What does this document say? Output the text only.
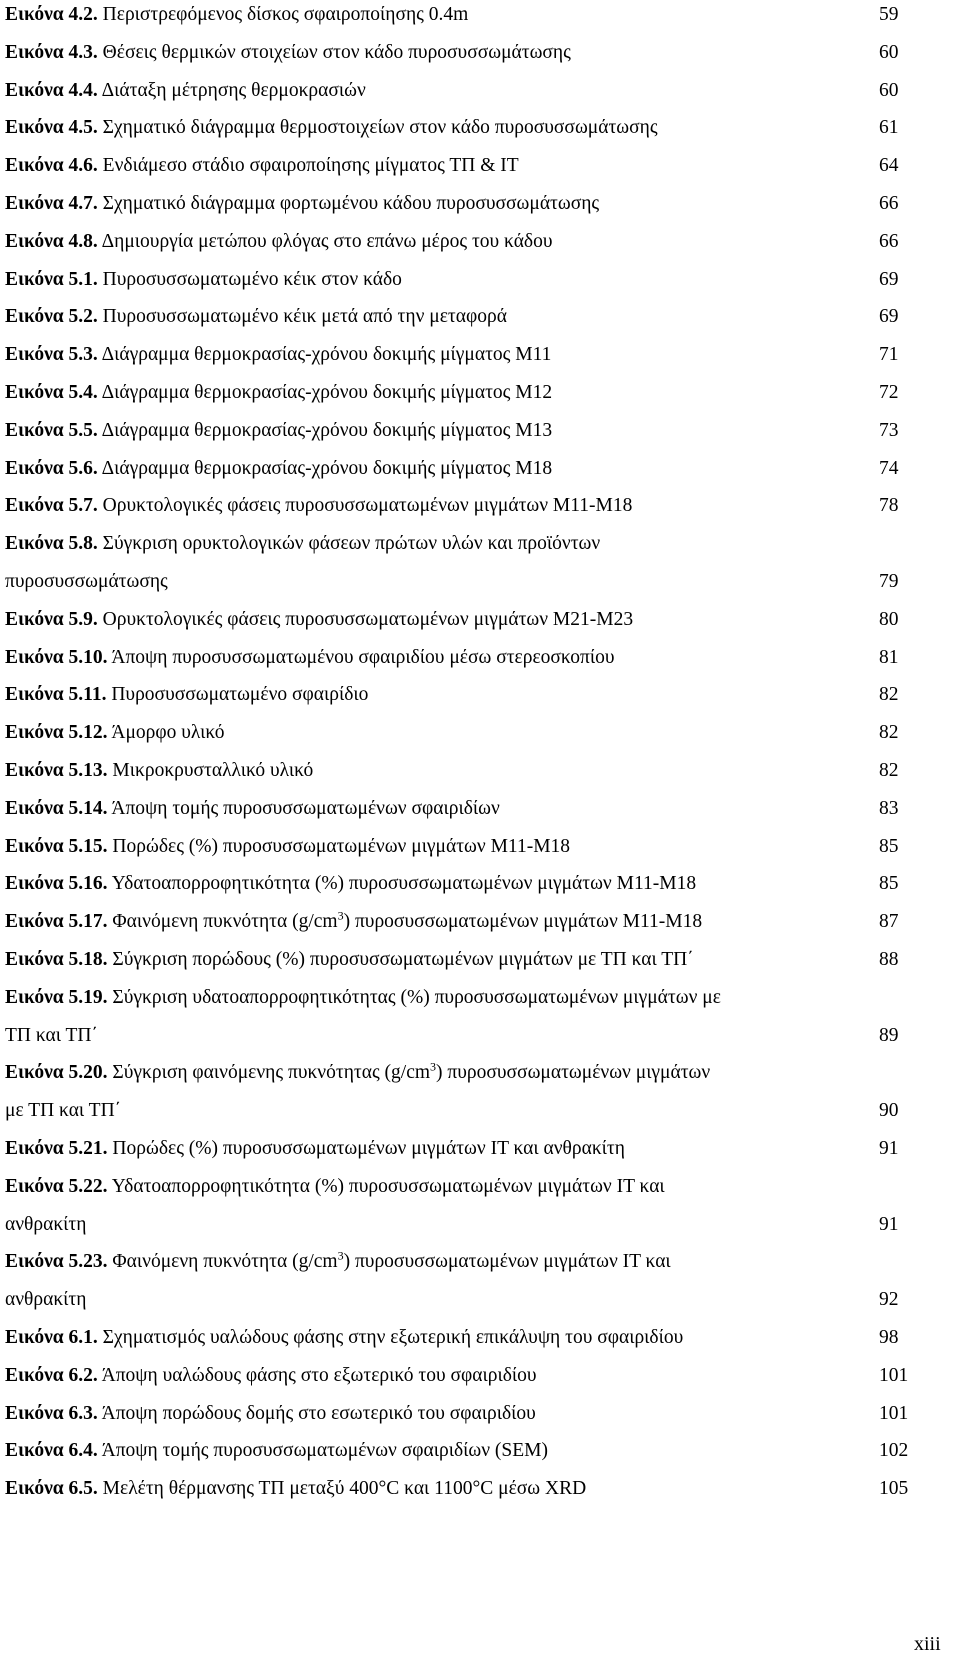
Εικόνα 4.2. Περιστρεφόμενος δίσκος σφαιροποίησης 0.4m	59
Εικόνα 4.3. Θέσεις θερμικών στοιχείων στον κάδο πυροσυσσωμάτωσης	60
Εικόνα 4.4. Διάταξη μέτρησης θερμοκρασιών	60
Εικόνα 4.5. Σχηματικό διάγραμμα θερμοστοιχείων στον κάδο πυροσυσσωμάτωσης	61
Εικόνα 4.6. Ενδιάμεσο στάδιο σφαιροποίησης μίγματος ΤΠ & ΙΤ	64
Εικόνα 4.7. Σχηματικό διάγραμμα φορτωμένου κάδου πυροσυσσωμάτωσης	66
Εικόνα 4.8. Δημιουργία μετώπου φλόγας στο επάνω μέρος του κάδου	66
Εικόνα 5.1. Πυροσυσσωματωμένο κέικ στον κάδο	69
Εικόνα 5.2. Πυροσυσσωματωμένο κέικ μετά από την μεταφορά	69
Εικόνα 5.3. Διάγραμμα θερμοκρασίας-χρόνου δοκιμής μίγματος Μ11	71
Εικόνα 5.4. Διάγραμμα θερμοκρασίας-χρόνου δοκιμής μίγματος Μ12	72
Εικόνα 5.5. Διάγραμμα θερμοκρασίας-χρόνου δοκιμής μίγματος Μ13	73
Εικόνα 5.6. Διάγραμμα θερμοκρασίας-χρόνου δοκιμής μίγματος Μ18	74
Εικόνα 5.7. Ορυκτολογικές φάσεις πυροσυσσωματωμένων μιγμάτων Μ11-Μ18	78
Εικόνα 5.8. Σύγκριση ορυκτολογικών φάσεων πρώτων υλών και προϊόντων
πυροσυσσωμάτωσης	79
Εικόνα 5.9. Ορυκτολογικές φάσεις πυροσυσσωματωμένων μιγμάτων Μ21-Μ23	80
Εικόνα 5.10. Άποψη πυροσυσσωματωμένου σφαιριδίου μέσω στερεοσκοπίου	81
Εικόνα 5.11. Πυροσυσσωματωμένο σφαιρίδιο	82
Εικόνα 5.12. Άμορφο υλικό	82
Εικόνα 5.13. Μικροκρυσταλλικό υλικό	82
Εικόνα 5.14. Άποψη τομής πυροσυσσωματωμένων σφαιριδίων	83
Εικόνα 5.15. Πορώδες (%) πυροσυσσωματωμένων μιγμάτων Μ11-Μ18	85
Εικόνα 5.16. Υδατοαπορροφητικότητα (%) πυροσυσσωματωμένων μιγμάτων Μ11-Μ18	85
Εικόνα 5.17. Φαινόμενη πυκνότητα $(g/cm^3)$ πυροσυσσωματωμένων μιγμάτων Μ11-Μ18	87
Εικόνα 5.18. Σύγκριση πορώδους (%) πυροσυσσωματωμένων μιγμάτων με ΤΠ και ΤΠ΄	88
Εικόνα 5.19. Σύγκριση υδατοαπορροφητικότητας (%) πυροσυσσωματωμένων μιγμάτων με
ΤΠ και ΤΠ΄	89
Εικόνα 5.20. Σύγκριση φαινόμενης πυκνότητας $(g/cm^3)$ πυροσυσσωματωμένων μιγμάτων
με ΤΠ και ΤΠ΄	90
Εικόνα 5.21. Πορώδες (%) πυροσυσσωματωμένων μιγμάτων ΙΤ και ανθρακίτη	91
Εικόνα 5.22. Υδατοαπορροφητικότητα (%) πυροσυσσωματωμένων μιγμάτων ΙΤ και
ανθρακίτη	91
Εικόνα 5.23. Φαινόμενη πυκνότητα $(g/cm^3)$ πυροσυσσωματωμένων μιγμάτων ΙΤ και
ανθρακίτη	92
Εικόνα 6.1. Σχηματισμός υαλώδους φάσης στην εξωτερική επικάλυψη του σφαιριδίου	98
Εικόνα 6.2. Άποψη υαλώδους φάσης στο εξωτερικό του σφαιριδίου	101
Εικόνα 6.3. Άποψη πορώδους δομής στο εσωτερικό του σφαιριδίου	101
Εικόνα 6.4. Άποψη τομής πυροσυσσωματωμένων σφαιριδίων (SEM)	102
Εικόνα 6.5. Μελέτη θέρμανσης ΤΠ μεταξύ 400°C και 1100°C μέσω XRD	105
xiii
